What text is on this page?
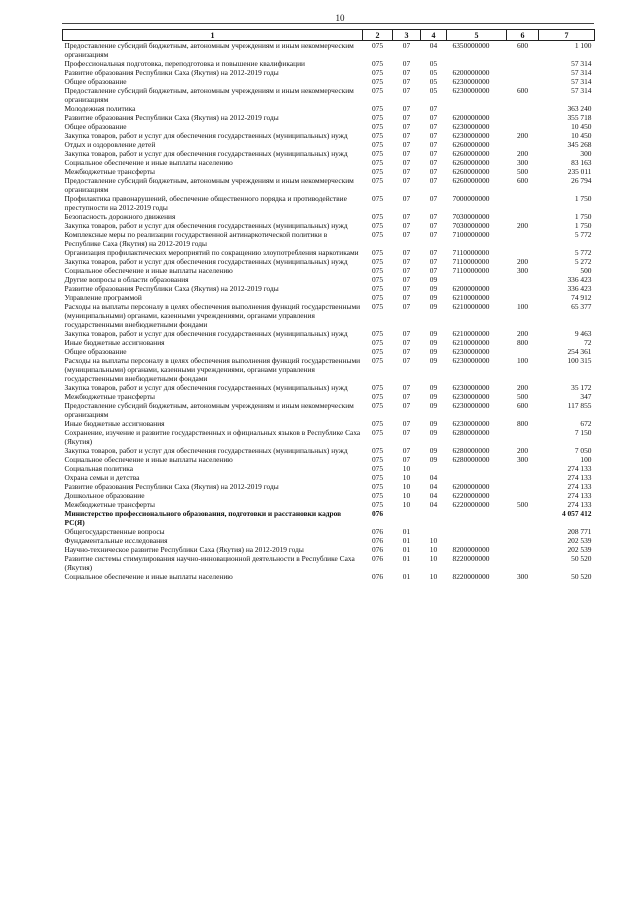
10
1	2	3	4	5	6	7
Предоставление субсидий бюджетным, автономным учреждениям и иным некоммерческим организациям	075	07	04	6350000000	600	1 100
Профессиональная подготовка, переподготовка и повышение квалификации	075	07	05			57 314
Развитие образования Республики Саха (Якутия) на 2012-2019 годы	075	07	05	6200000000		57 314
Общее образование	075	07	05	6230000000		57 314
Предоставление субсидий бюджетным, автономным учреждениям и иным некоммерческим организациям	075	07	05	6230000000	600	57 314
Молодежная политика	075	07	07			363 240
Развитие образования Республики Саха (Якутия) на 2012-2019 годы	075	07	07	6200000000		355 718
Общее образование	075	07	07	6230000000		10 450
Закупка товаров, работ и услуг для обеспечения государственных (муниципальных) нужд	075	07	07	6230000000	200	10 450
Отдых и оздоровление детей	075	07	07	6260000000		345 268
Закупка товаров, работ и услуг для обеспечения государственных (муниципальных) нужд	075	07	07	6260000000	200	300
Социальное обеспечение и иные выплаты населению	075	07	07	6260000000	300	83 163
Межбюджетные трансферты	075	07	07	6260000000	500	235 011
Предоставление субсидий бюджетным, автономным учреждениям и иным некоммерческим организациям	075	07	07	6260000000	600	26 794
Профилактика правонарушений, обеспечение общественного порядка и противодействие преступности на 2012-2019 годы	075	07	07	7000000000		1 750
Безопасность дорожного движения	075	07	07	7030000000		1 750
Закупка товаров, работ и услуг для обеспечения государственных (муниципальных) нужд	075	07	07	7030000000	200	1 750
Комплексные меры по реализации государственной антинаркотической политики в Республике Саха (Якутия) на 2012-2019 годы	075	07	07	7100000000		5 772
Организация профилактических мероприятий по сокращению злоупотребления наркотиками	075	07	07	7110000000		5 772
Закупка товаров, работ и услуг для обеспечения государственных (муниципальных) нужд	075	07	07	7110000000	200	5 272
Социальное обеспечение и иные выплаты населению	075	07	07	7110000000	300	500
Другие вопросы в области образования	075	07	09			336 423
Развитие образования Республики Саха (Якутия) на 2012-2019 годы	075	07	09	6200000000		336 423
Управление программой	075	07	09	6210000000		74 912
Расходы на выплаты персоналу в целях обеспечения выполнения функций государственными (муниципальными) органами, казенными учреждениями, органами управления государственными внебюджетными фондами	075	07	09	6210000000	100	65 377
Закупка товаров, работ и услуг для обеспечения государственных (муниципальных) нужд	075	07	09	6210000000	200	9 463
Иные бюджетные ассигнования	075	07	09	6210000000	800	72
Общее образование	075	07	09	6230000000		254 361
Расходы на выплаты персоналу в целях обеспечения выполнения функций государственными (муниципальными) органами, казенными учреждениями, органами управления государственными внебюджетными фондами	075	07	09	6230000000	100	100 315
Закупка товаров, работ и услуг для обеспечения государственных (муниципальных) нужд	075	07	09	6230000000	200	35 172
Межбюджетные трансферты	075	07	09	6230000000	500	347
Предоставление субсидий бюджетным, автономным учреждениям и иным некоммерческим организациям	075	07	09	6230000000	600	117 855
Иные бюджетные ассигнования	075	07	09	6230000000	800	672
Сохранение, изучение и развитие государственных и официальных языков в Республике Саха (Якутия)	075	07	09	6280000000		7 150
Закупка товаров, работ и услуг для обеспечения государственных (муниципальных) нужд	075	07	09	6280000000	200	7 050
Социальное обеспечение и иные выплаты населению	075	07	09	6280000000	300	100
Социальная политика	075	10				274 133
Охрана семьи и детства	075	10	04			274 133
Развитие образования Республики Саха (Якутия) на 2012-2019 годы	075	10	04	6200000000		274 133
Дошкольное образование	075	10	04	6220000000		274 133
Межбюджетные трансферты	075	10	04	6220000000	500	274 133
Министерство профессионального образования, подготовки и расстановки кадров РС(Я)	076					4 057 412
Общегосударственные вопросы	076	01				208 771
Фундаментальные исследования	076	01	10			202 539
Научно-техническое развитие Республики Саха (Якутия) на 2012-2019 годы	076	01	10	8200000000		202 539
Развитие системы стимулирования научно-инновационной деятельности в Республике Саха (Якутия)	076	01	10	8220000000		50 520
Социальное обеспечение и иные выплаты населению	076	01	10	8220000000	300	50 520
